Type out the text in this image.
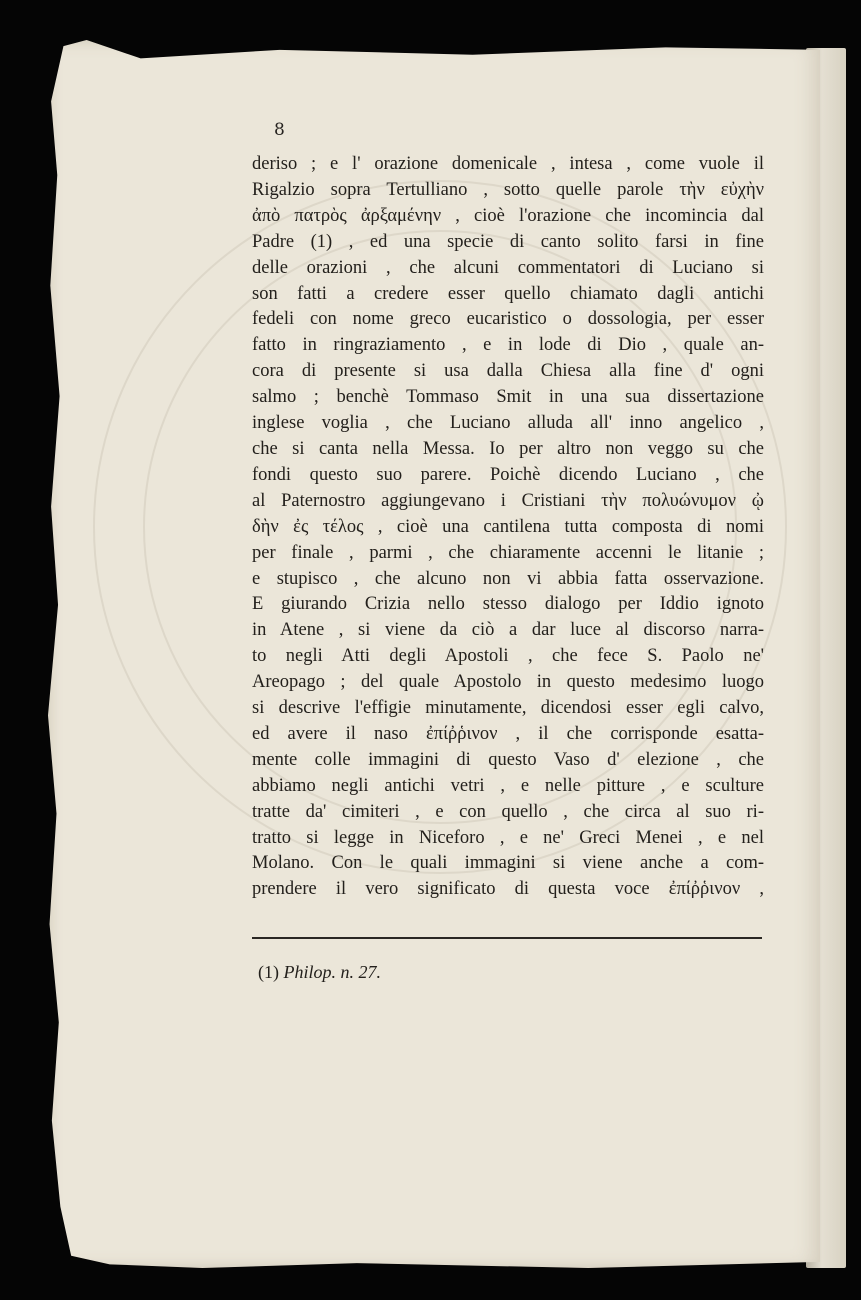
8
deriso ; e l' orazione domenicale , intesa , come vuole il
Rigalzio sopra Tertulliano , sotto quelle parole τὴν εὐχὴν
ἀπὸ πατρὸς ἀρξαμένην , cioè l'orazione che incomincia dal
Padre (1) , ed una specie di canto solito farsi in fine
delle orazioni , che alcuni commentatori di Luciano si
son fatti a credere esser quello chiamato dagli antichi
fedeli con nome greco eucaristico o dossologia, per esser
fatto in ringraziamento , e in lode di Dio , quale an-
cora di presente si usa dalla Chiesa alla fine d' ogni
salmo ; benchè Tommaso Smit in una sua dissertazione
inglese voglia , che Luciano alluda all' inno angelico ,
che si canta nella Messa. Io per altro non veggo su che
fondi questo suo parere. Poichè dicendo Luciano , che
al Paternostro aggiungevano i Cristiani τὴν πολυώνυμον ᾠ
δὴν ἐς τέλος , cioè una cantilena tutta composta di nomi
per finale , parmi , che chiaramente accenni le litanie ;
e stupisco , che alcuno non vi abbia fatta osservazione.
E giurando Crizia nello stesso dialogo per Iddio ignoto
in Atene , si viene da ciò a dar luce al discorso narra-
to negli Atti degli Apostoli , che fece S. Paolo ne'
Areopago ; del quale Apostolo in questo medesimo luogo
si descrive l'effigie minutamente, dicendosi esser egli calvo,
ed avere il naso ἐπίῤῥινον , il che corrisponde esatta-
mente colle immagini di questo Vaso d' elezione , che
abbiamo negli antichi vetri , e nelle pitture , e sculture
tratte da' cimiteri , e con quello , che circa al suo ri-
tratto si legge in Niceforo , e ne' Greci Menei , e nel
Molano. Con le quali immagini si viene anche a com-
prendere il vero significato di questa voce ἐπίῤῥινον ,
(1) Philop. n. 27.
